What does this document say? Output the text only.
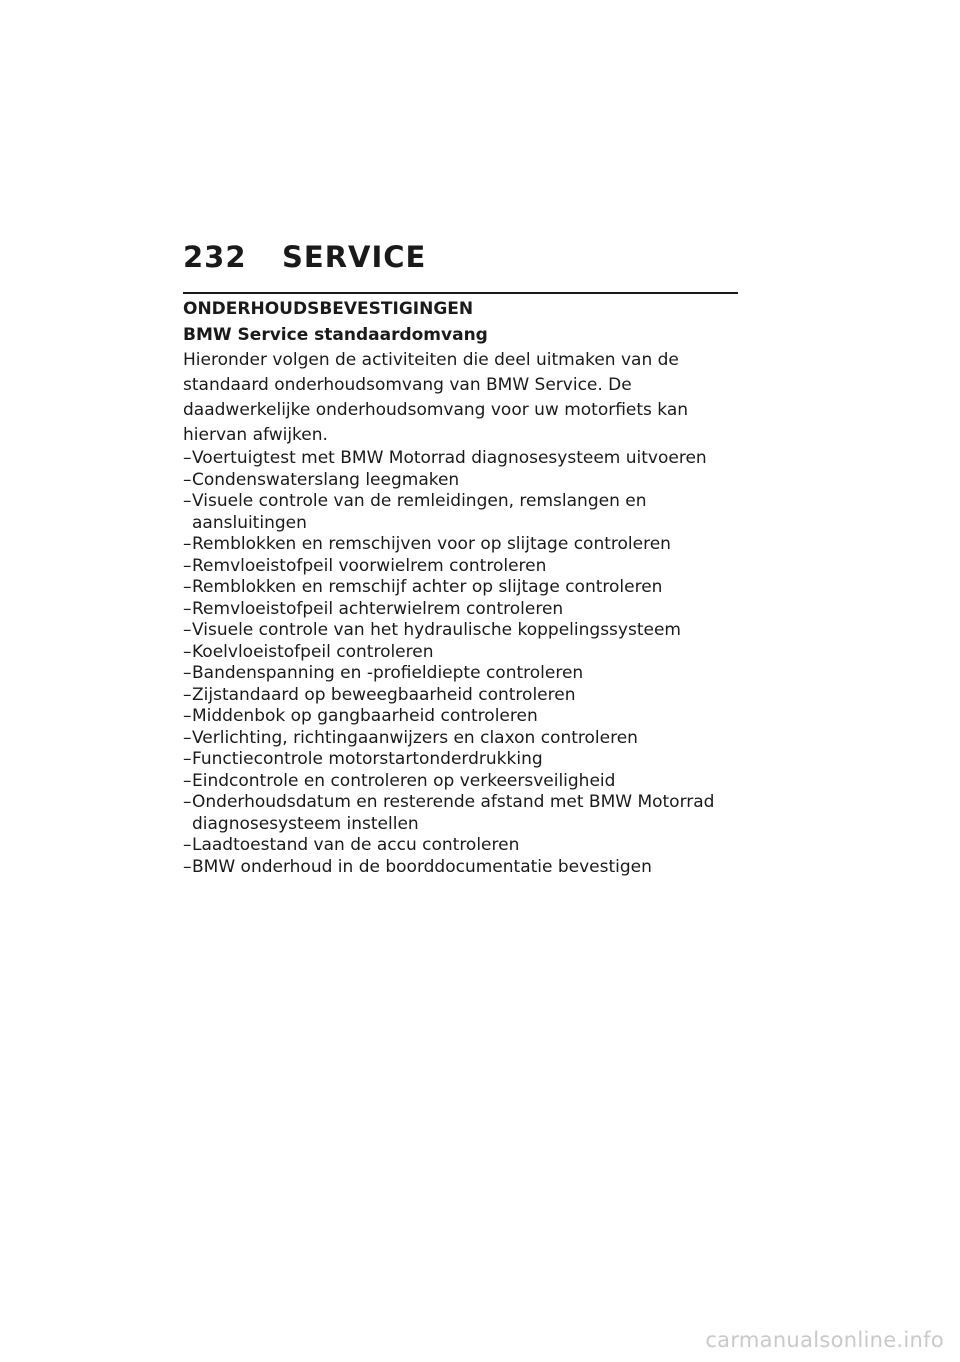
232	SERVICE
ONDERHOUDSBEVESTIGINGEN
BMW Service standaardomvang

Hieronder volgen de activiteiten die deel uitmaken van de standaard onderhoudsomvang van BMW Service. De daadwerkelijke onderhoudsomvang voor uw motorfiets kan hiervan afwijken.

– Voertuigtest met BMW Motorrad diagnosesysteem uitvoeren
– Condenswaterslang leegmaken
– Visuele controle van de remleidingen, remslangen en aansluitingen
– Remblokken en remschijven voor op slijtage controleren
– Remvloeistofpeil voorwielrem controleren
– Remblokken en remschijf achter op slijtage controleren
– Remvloeistofpeil achterwielrem controleren
– Visuele controle van het hydraulische koppelingssysteem
– Koelvloeistofpeil controleren
– Bandenspanning en -profieldiepte controleren
– Zijstandaard op beweegbaarheid controleren
– Middenbok op gangbaarheid controleren
– Verlichting, richtingaanwijzers en claxon controleren
– Functiecontrole motorstartonderdrukking
– Eindcontrole en controleren op verkeersveiligheid
– Onderhoudsdatum en resterende afstand met BMW Motorrad diagnosesysteem instellen
– Laadtoestand van de accu controleren
– BMW onderhoud in de boorddocumentatie bevestigen
carmanualsonline.info
